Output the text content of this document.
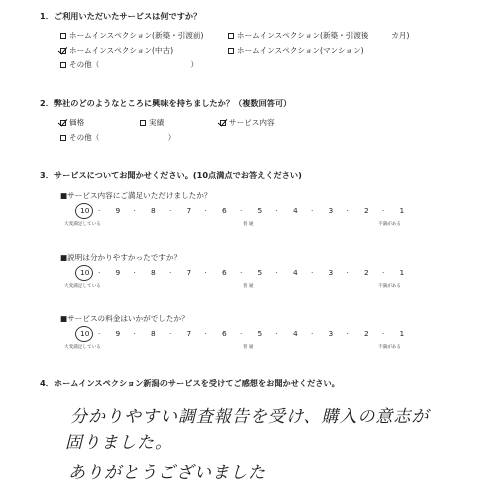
1．ご利用いただいたサービスは何ですか？
ホームインスペクション(新築・引渡前)	ホームインスペクション(新築・引渡後　　　カ月)
ホームインスペクション(中古)	ホームインスペクション(マンション)
その他（　　　　　　　　　　　　）
2．弊社のどのようなところに興味を持ちましたか？（複数回答可）
価格	実績	サービス内容
その他（　　　　　　　　　）
3．サービスについてお聞かせください。(10点満点でお答えください)
■サービス内容にご満足いただけましたか？
10 · 9 · 8 · 7 · 6 · 5 · 4 · 3 · 2 · 1
大変満足している	普 通	不満がある
■説明は分かりやすかったですか？
10 · 9 · 8 · 7 · 6 · 5 · 4 · 3 · 2 · 1
大変満足している	普 通	不満がある
■サービスの料金はいかがでしたか？
10 · 9 · 8 · 7 · 6 · 5 · 4 · 3 · 2 · 1
大変満足している	普 通	不満がある
4．ホームインスペクション新潟のサービスを受けてご感想をお聞かせください。
分かりやすい調査報告を受け、購入の意志が
固りました。
ありがとうございました
